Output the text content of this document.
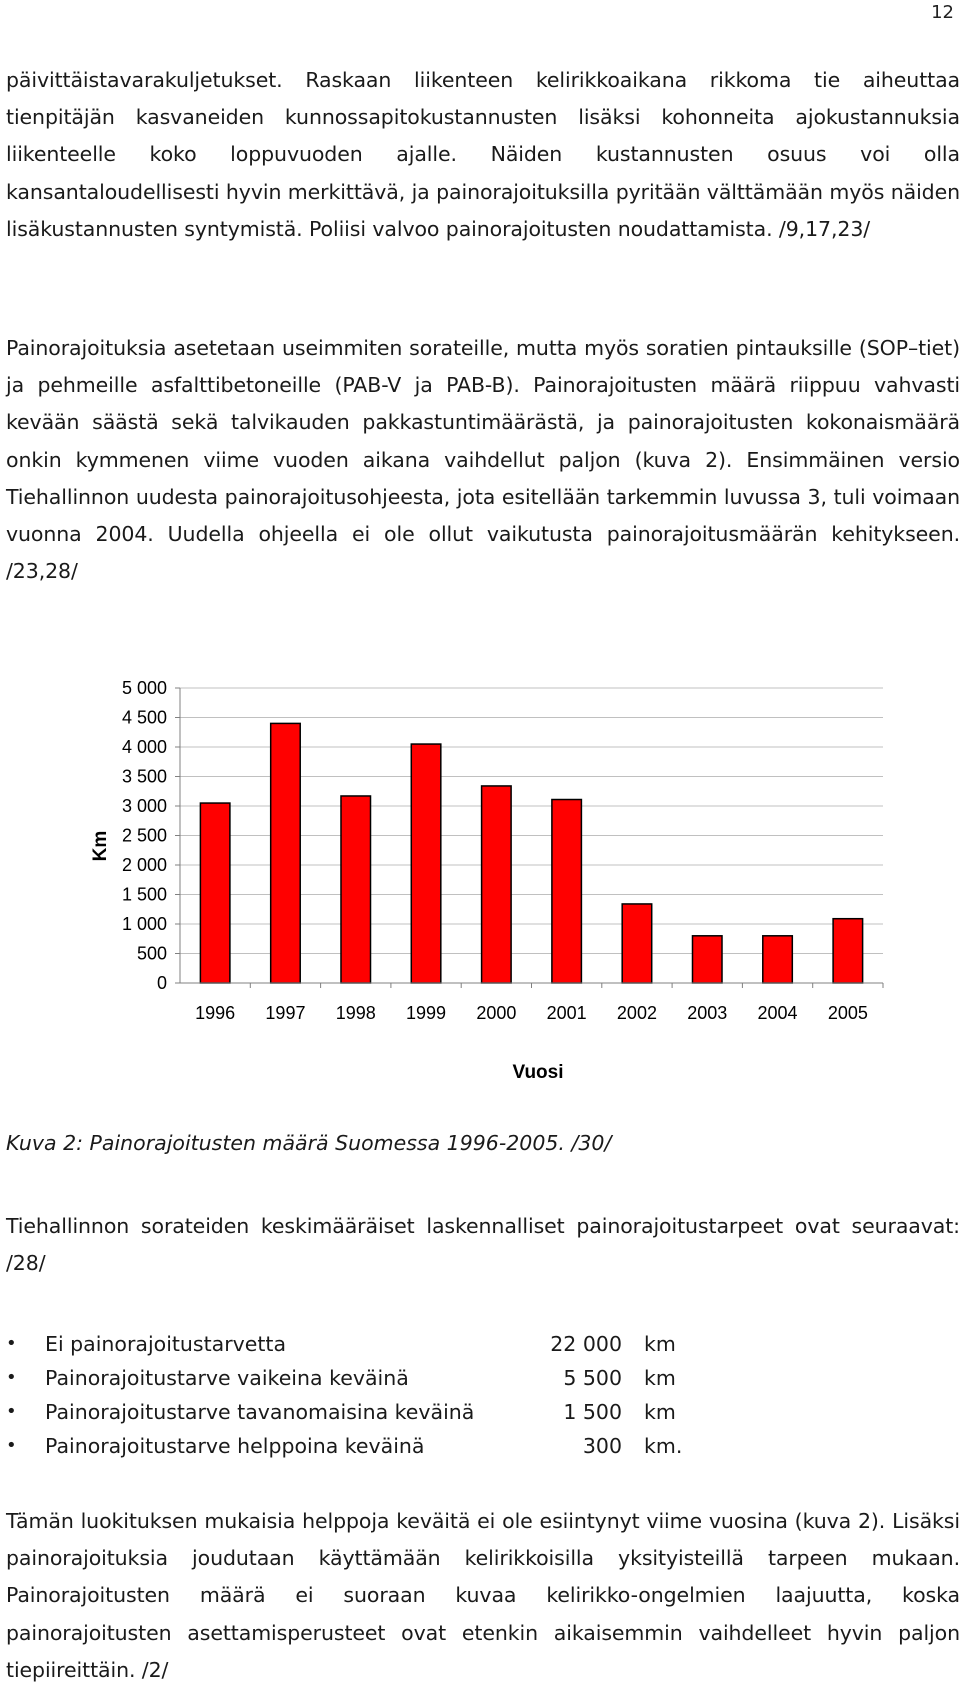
12

päivittäistavarakuljetukset. Raskaan liikenteen kelirikkoaikana rikkoma tie aiheuttaa tienpitäjän kasvaneiden kunnossapitokustannusten lisäksi kohonneita ajokustannuksia liikenteelle koko loppuvuoden ajalle. Näiden kustannusten osuus voi olla kansantaloudellisesti hyvin merkittävä, ja painorajoituksilla pyritään välttämään myös näiden lisäkustannusten syntymistä. Poliisi valvoo painorajoitusten noudattamista. /9,17,23/

Painorajoituksia asetetaan useimmiten sorateille, mutta myös soratien pintauksille (SOP–tiet) ja pehmeille asfalttibetoneille (PAB-V ja PAB-B). Painorajoitusten määrä riippuu vahvasti kevään säästä sekä talvikauden pakkastuntimäärästä, ja painorajoitusten kokonaismäärä onkin kymmenen viime vuoden aikana vaihdellut paljon (kuva 2). Ensimmäinen versio Tiehallinnon uudesta painorajoitusohjeesta, jota esitellään tarkemmin luvussa 3, tuli voimaan vuonna 2004. Uudella ohjeella ei ole ollut vaikutusta painorajoitusmäärän kehitykseen. /23,28/

0
500
1 000
1 500
2 000
2 500
3 000
3 500
4 000
4 500
5 000
1996 1997 1998 1999 2000 2001 2002 2003 2004 2005
Km
Vuosi

Kuva 2: Painorajoitusten määrä Suomessa 1996-2005. /30/

Tiehallinnon sorateiden keskimääräiset laskennalliset painorajoitustarpeet ovat seuraavat: /28/

• Ei painorajoitustarvetta	22 000 km
• Painorajoitustarve vaikeina keväinä	5 500 km
• Painorajoitustarve tavanomaisina keväinä	1 500 km
• Painorajoitustarve helppoina keväinä	300 km.

Tämän luokituksen mukaisia helppoja keväitä ei ole esiintynyt viime vuosina (kuva 2). Lisäksi painorajoituksia joudutaan käyttämään kelirikkoisilla yksityisteillä tarpeen mukaan. Painorajoitusten määrä ei suoraan kuvaa kelirikko-ongelmien laajuutta, koska painorajoitusten asettamisperusteet ovat etenkin aikaisemmin vaihdelleet hyvin paljon tiepiireittäin. /2/
